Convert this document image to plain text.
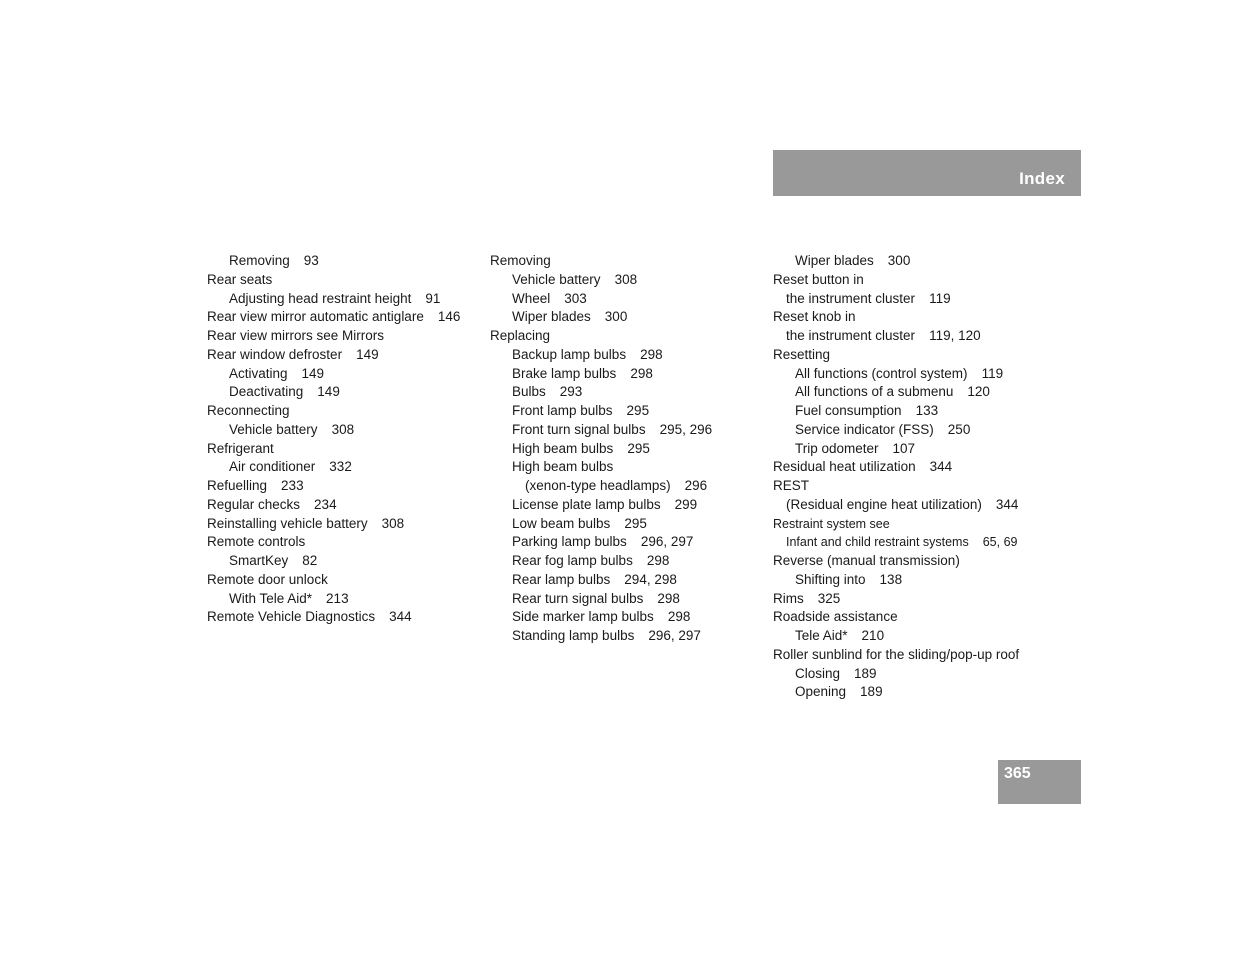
Index
Removing 93
Rear seats
Adjusting head restraint height 91
Rear view mirror automatic antiglare 146
Rear view mirrors see Mirrors
Rear window defroster 149
Activating 149
Deactivating 149
Reconnecting
Vehicle battery 308
Refrigerant
Air conditioner 332
Refuelling 233
Regular checks 234
Reinstalling vehicle battery 308
Remote controls
SmartKey 82
Remote door unlock
With Tele Aid* 213
Remote Vehicle Diagnostics 344
Removing
Vehicle battery 308
Wheel 303
Wiper blades 300
Replacing
Backup lamp bulbs 298
Brake lamp bulbs 298
Bulbs 293
Front lamp bulbs 295
Front turn signal bulbs 295, 296
High beam bulbs 295
High beam bulbs
(xenon-type headlamps) 296
License plate lamp bulbs 299
Low beam bulbs 295
Parking lamp bulbs 296, 297
Rear fog lamp bulbs 298
Rear lamp bulbs 294, 298
Rear turn signal bulbs 298
Side marker lamp bulbs 298
Standing lamp bulbs 296, 297
Wiper blades 300
Reset button in
the instrument cluster 119
Reset knob in
the instrument cluster 119, 120
Resetting
All functions (control system) 119
All functions of a submenu 120
Fuel consumption 133
Service indicator (FSS) 250
Trip odometer 107
Residual heat utilization 344
REST
(Residual engine heat utilization) 344
Restraint system see
Infant and child restraint systems 65, 69
Reverse (manual transmission)
Shifting into 138
Rims 325
Roadside assistance
Tele Aid* 210
Roller sunblind for the sliding/pop-up roof
Closing 189
Opening 189
365
